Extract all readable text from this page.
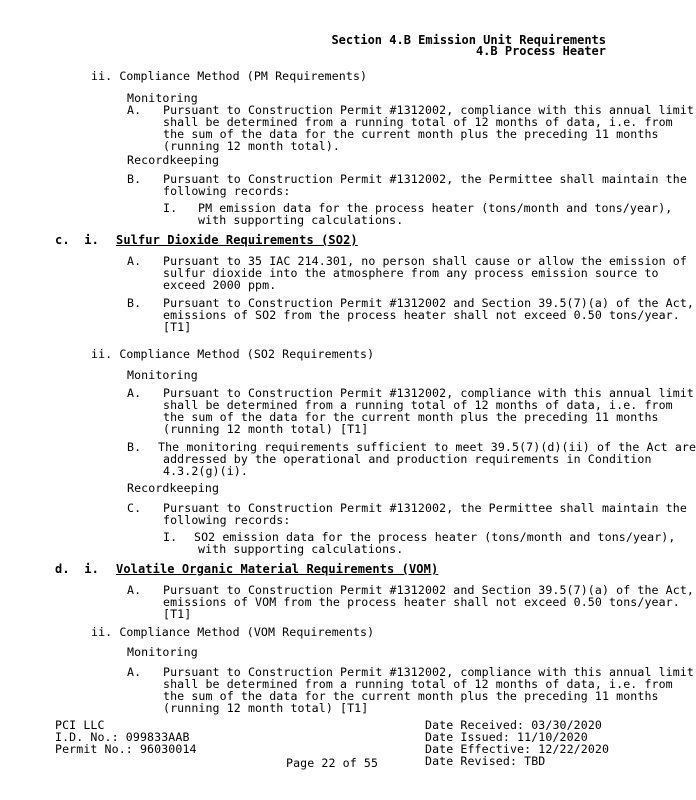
Section 4.B Emission Unit Requirements
4.B Process Heater
ii. Compliance Method (PM Requirements)
Monitoring
A. Pursuant to Construction Permit #1312002, compliance with this annual limit
shall be determined from a running total of 12 months of data, i.e. from
the sum of the data for the current month plus the preceding 11 months
(running 12 month total).
Recordkeeping
B. Pursuant to Construction Permit #1312002, the Permittee shall maintain the
following records:
I. PM emission data for the process heater (tons/month and tons/year),
with supporting calculations.
c.  i. Sulfur Dioxide Requirements (SO2)
A. Pursuant to 35 IAC 214.301, no person shall cause or allow the emission of
sulfur dioxide into the atmosphere from any process emission source to
exceed 2000 ppm.
B. Pursuant to Construction Permit #1312002 and Section 39.5(7)(a) of the Act,
emissions of SO2 from the process heater shall not exceed 0.50 tons/year.
[T1]
ii. Compliance Method (SO2 Requirements)
Monitoring
A. Pursuant to Construction Permit #1312002, compliance with this annual limit
shall be determined from a running total of 12 months of data, i.e. from
the sum of the data for the current month plus the preceding 11 months
(running 12 month total) [T1]
B. The monitoring requirements sufficient to meet 39.5(7)(d)(ii) of the Act are
addressed by the operational and production requirements in Condition
4.3.2(g)(i).
Recordkeeping
C. Pursuant to Construction Permit #1312002, the Permittee shall maintain the
following records:
I. SO2 emission data for the process heater (tons/month and tons/year),
with supporting calculations.
d.  i. Volatile Organic Material Requirements (VOM)
A. Pursuant to Construction Permit #1312002 and Section 39.5(7)(a) of the Act,
emissions of VOM from the process heater shall not exceed 0.50 tons/year.
[T1]
ii. Compliance Method (VOM Requirements)
Monitoring
A. Pursuant to Construction Permit #1312002, compliance with this annual limit
shall be determined from a running total of 12 months of data, i.e. from
the sum of the data for the current month plus the preceding 11 months
(running 12 month total) [T1]
PCI LLC
I.D. No.: 099833AAB
Permit No.: 96030014
Date Received: 03/30/2020
Date Issued: 11/10/2020
Date Effective: 12/22/2020
Date Revised: TBD
Page 22 of 55
